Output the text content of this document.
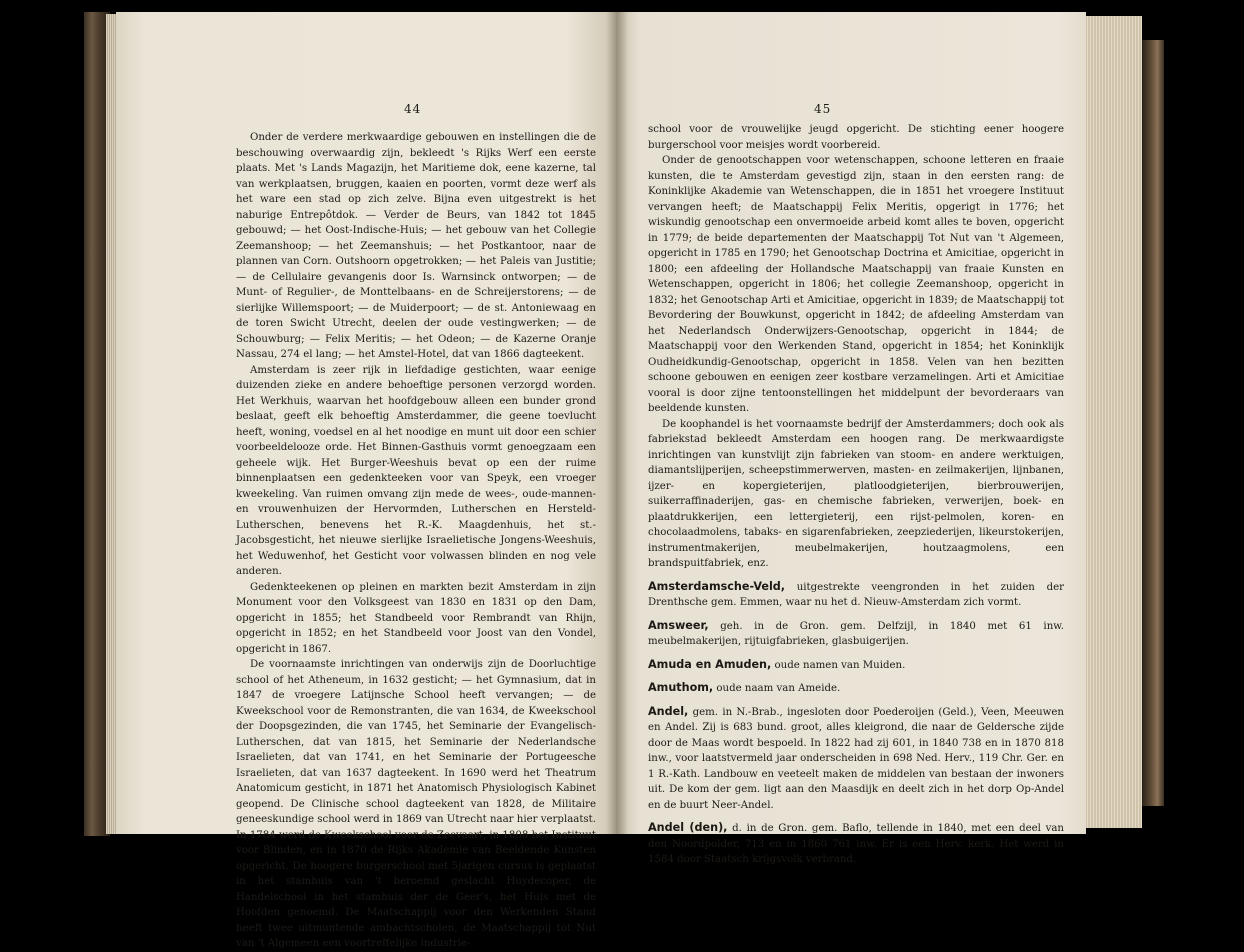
44

Onder de verdere merkwaardige gebouwen en instellingen die de beschouwing overwaardig zijn, bekleedt 's Rijks Werf een eerste plaats. Met 's Lands Magazijn, het Maritieme dok, eene kazerne, tal van werkplaatsen, bruggen, kaaien en poorten, vormt deze werf als het ware een stad op zich zelve. Bijna even uitgestrekt is het naburige Entrepôtdok. — Verder de Beurs, van 1842 tot 1845 gebouwd; — het Oost-Indische-Huis; — het gebouw van het Collegie Zeemanshoop; — het Zeemanshuis; — het Postkantoor, naar de plannen van Corn. Outshoorn opgetrokken; — het Paleis van Justitie; — de Cellulaire gevangenis door Is. Warnsinck ontworpen; — de Munt- of Regulier-, de Monttelbaans- en de Schreijerstorens; — de sierlijke Willemspoort; — de Muiderpoort; — de st. Antoniewaag en de toren Swicht Utrecht, deelen der oude vestingwerken; — de Schouwburg; — Felix Meritis; — het Odeon; — de Kazerne Oranje Nassau, 274 el lang; — het Amstel-Hotel, dat van 1866 dagteekent.

Amsterdam is zeer rijk in liefdadige gestichten, waar eenige duizenden zieke en andere behoeftige personen verzorgd worden. Het Werkhuis, waarvan het hoofdgebouw alleen een bunder grond beslaat, geeft elk behoeftig Amsterdammer, die geene toevlucht heeft, woning, voedsel en al het noodige en munt uit door een schier voorbeeldelooze orde. Het Binnen-Gasthuis vormt genoegzaam een geheele wijk. Het Burger-Weeshuis bevat op een der ruime binnenplaatsen een gedenkteeken voor van Speyk, een vroeger kweekeling. Van ruimen omvang zijn mede de wees-, oude-mannen- en vrouwenhuizen der Hervormden, Lutherschen en Hersteld-Lutherschen, benevens het R.-K. Maagdenhuis, het st.-Jacobsgesticht, het nieuwe sierlijke Israelietische Jongens-Weeshuis, het Weduwenhof, het Gesticht voor volwassen blinden en nog vele anderen.

Gedenkteekenen op pleinen en markten bezit Amsterdam in zijn Monument voor den Volksgeest van 1830 en 1831 op den Dam, opgericht in 1855; het Standbeeld voor Rembrandt van Rhijn, opgericht in 1852; en het Standbeeld voor Joost van den Vondel, opgericht in 1867.

De voornaamste inrichtingen van onderwijs zijn de Doorluchtige school of het Atheneum, in 1632 gesticht; — het Gymnasium, dat in 1847 de vroegere Latijnsche School heeft vervangen; — de Kweekschool voor de Remonstranten, die van 1634, de Kweekschool der Doopsgezinden, die van 1745, het Seminarie der Evangelisch-Lutherschen, dat van 1815, het Seminarie der Nederlandsche Israelieten, dat van 1741, en het Seminarie der Portugeesche Israelieten, dat van 1637 dagteekent. In 1690 werd het Theatrum Anatomicum gesticht, in 1871 het Anatomisch Physiologisch Kabinet geopend. De Clinische school dagteekent van 1828, de Militaire geneeskundige school werd in 1869 van Utrecht naar hier verplaatst. In 1784 werd de Kweekschool voor de Zeevaart, in 1808 het Instituut voor Blinden, en in 1870 de Rijks Akademie van Beeldende Kunsten opgericht. De hoogere burgerschool met 5jarigen cursus is geplaatst in het stamhuis van 't beroemd geslacht Huydecoper, de Handelschool in het stamhuis der de Geer's, het Huis met de Hoofden genoemd. De Maatschappij voor den Werkenden Stand heeft twee uitmuntende ambachtscholen, de Maatschappij tot Nut van 't Algemeen een voortreffelijke industrie-

45

school voor de vrouwelijke jeugd opgericht. De stichting eener hoogere burgerschool voor meisjes wordt voorbereid.

Onder de genootschappen voor wetenschappen, schoone letteren en fraaie kunsten, die te Amsterdam gevestigd zijn, staan in den eersten rang: de Koninklijke Akademie van Wetenschappen, die in 1851 het vroegere Instituut vervangen heeft; de Maatschappij Felix Meritis, opgerigt in 1776; het wiskundig genootschap een onvermoeide arbeid komt alles te boven, opgericht in 1779; de beide departementen der Maatschappij Tot Nut van 't Algemeen, opgericht in 1785 en 1790; het Genootschap Doctrina et Amicitiae, opgericht in 1800; een afdeeling der Hollandsche Maatschappij van fraaie Kunsten en Wetenschappen, opgericht in 1806; het collegie Zeemanshoop, opgericht in 1832; het Genootschap Arti et Amicitiae, opgericht in 1839; de Maatschappij tot Bevordering der Bouwkunst, opgericht in 1842; de afdeeling Amsterdam van het Nederlandsch Onderwijzers-Genootschap, opgericht in 1844; de Maatschappij voor den Werkenden Stand, opgericht in 1854; het Koninklijk Oudheidkundig-Genootschap, opgericht in 1858. Velen van hen bezitten schoone gebouwen en eenigen zeer kostbare verzamelingen. Arti et Amicitiae vooral is door zijne tentoonstellingen het middelpunt der bevorderaars van beeldende kunsten.

De koophandel is het voornaamste bedrijf der Amsterdammers; doch ook als fabriekstad bekleedt Amsterdam een hoogen rang. De merkwaardigste inrichtingen van kunstvlijt zijn fabrieken van stoom- en andere werktuigen, diamantslijperijen, scheepstimmerwerven, masten- en zeilmakerijen, lijnbanen, ijzer- en kopergieterijen, platloodgieterijen, bierbrouwerijen, suikerraffinaderijen, gas- en chemische fabrieken, verwerijen, boek- en plaatdrukkerijen, een lettergieterij, een rijst-pelmolen, koren- en chocolaadmolens, tabaks- en sigarenfabrieken, zeepziederijen, likeurstokerijen, instrumentmakerijen, meubelmakerijen, houtzaagmolens, een brandspuitfabriek, enz.

Amsterdamsche-Veld, uitgestrekte veengronden in het zuiden der Drenthsche gem. Emmen, waar nu het d. Nieuw-Amsterdam zich vormt.

Amsweer, geh. in de Gron. gem. Delfzijl, in 1840 met 61 inw. meubelmakerijen, rijtuigfabrieken, glasbuigerijen.

Amuda en Amuden, oude namen van Muiden.

Amuthom, oude naam van Ameide.

Andel, gem. in N.-Brab., ingesloten door Poederoijen (Geld.), Veen, Meeuwen en Andel. Zij is 683 bund. groot, alles kleigrond, die naar de Geldersche zijde door de Maas wordt bespoeld. In 1822 had zij 601, in 1840 738 en in 1870 818 inw., voor laatstvermeld jaar onderscheiden in 698 Ned. Herv., 119 Chr. Ger. en 1 R.-Kath. Landbouw en veeteelt maken de middelen van bestaan der inwoners uit. De kom der gem. ligt aan den Maasdijk en deelt zich in het dorp Op-Andel en de buurt Neer-Andel.

Andel (den), d. in de Gron. gem. Baflo, tellende in 1840, met een deel van den Noordpolder, 713 en in 1860 761 inw. Er is een Herv. kerk. Het werd in 1584 door Staatsch krijgsvolk verbrand.
